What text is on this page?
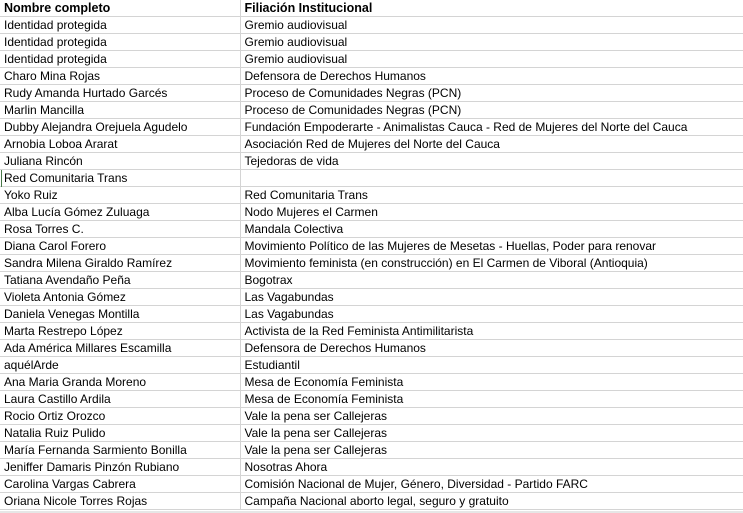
Nombre completo	Filiación Institucional
Identidad protegida	Gremio audiovisual
Identidad protegida	Gremio audiovisual
Identidad protegida	Gremio audiovisual
Charo Mina Rojas	Defensora de Derechos Humanos
Rudy Amanda Hurtado Garcés	Proceso de Comunidades Negras (PCN)
Marlin Mancilla	Proceso de Comunidades Negras (PCN)
Dubby Alejandra Orejuela Agudelo	Fundación Empoderarte - Animalistas Cauca - Red de Mujeres del Norte del Cauca
Arnobia Loboa Ararat	Asociación Red de Mujeres del Norte del Cauca
Juliana Rincón	Tejedoras de vida
Red Comunitaria Trans	
Yoko Ruiz	Red Comunitaria Trans
Alba Lucía Gómez Zuluaga	Nodo Mujeres el Carmen
Rosa Torres C.	Mandala Colectiva
Diana Carol Forero	Movimiento Político de las Mujeres de Mesetas - Huellas, Poder para renovar
Sandra Milena Giraldo Ramírez	Movimiento feminista (en construcción) en El Carmen de Viboral (Antioquia)
Tatiana Avendaño Peña	Bogotrax
Violeta Antonia Gómez	Las Vagabundas
Daniela Venegas Montilla	Las Vagabundas
Marta Restrepo López	Activista de la Red Feminista Antimilitarista
Ada América Millares Escamilla	Defensora de Derechos Humanos
aquélArde	Estudiantil
Ana Maria Granda Moreno	Mesa de Economía Feminista
Laura Castillo Ardila	Mesa de Economía Feminista
Rocio Ortiz Orozco	Vale la pena ser Callejeras
Natalia Ruiz Pulido	Vale la pena ser Callejeras
María Fernanda Sarmiento Bonilla	Vale la pena ser Callejeras
Jeniffer Damaris Pinzón Rubiano	Nosotras Ahora
Carolina Vargas Cabrera	Comisión Nacional de Mujer, Género, Diversidad - Partido FARC
Oriana Nicole Torres Rojas	Campaña Nacional aborto legal, seguro y gratuito
